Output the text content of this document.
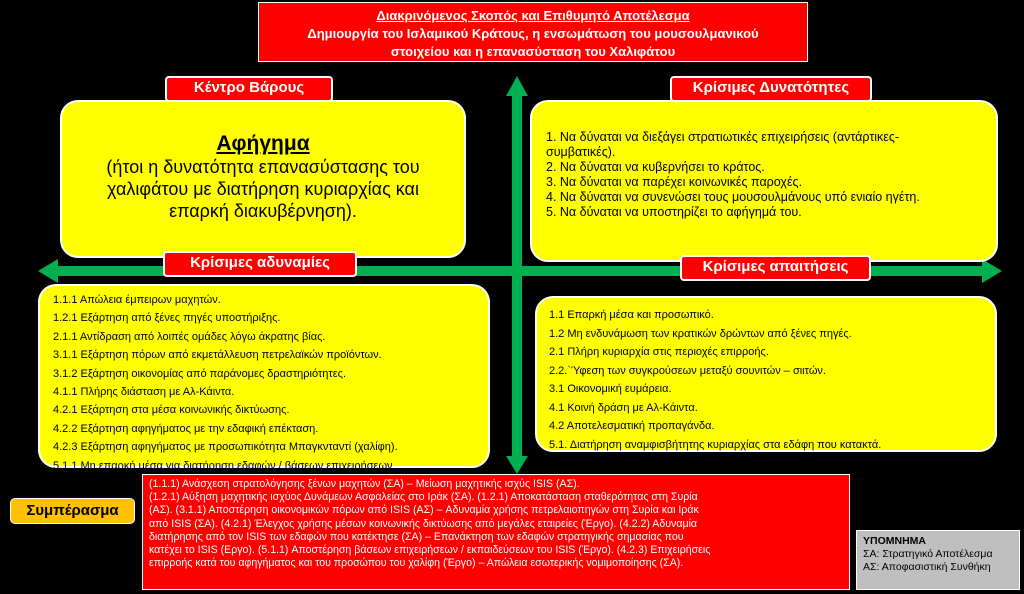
Διακρινόμενος Σκοπός και Επιθυμητό Αποτέλεσμα
Δημιουργία του Ισλαμικού Κράτους, η ενσωμάτωση του μουσουλμανικού
στοιχείου και η επανασύσταση του Χαλιφάτου
Αφήγημα
(ήτοι η δυνατότητα επανασύστασης του
χαλιφάτου με διατήρηση κυριαρχίας και
επαρκή διακυβέρνηση).
Κέντρο Βάρους
1. Να δύναται να διεξάγει στρατιωτικές επιχειρήσεις (αντάρτικες-
συμβατικές).
2. Να δύναται να κυβερνήσει το κράτος.
3. Να δύναται να παρέχει κοινωνικές παροχές.
4. Να δύναται να συνενώσει τους μουσουλμάνους υπό ενιαίο ηγέτη.
5. Να δύναται να υποστηρίζει το αφήγημά του.
Κρίσιμες Δυνατότητες
1.1.1 Απώλεια έμπειρων μαχητών.
1.2.1 Εξάρτηση από ξένες πηγές υποστήριξης.
2.1.1 Αντίδραση από λοιπές ομάδες λόγω άκρατης βίας.
3.1.1 Εξάρτηση πόρων από εκμετάλλευση πετρελαϊκών προϊόντων.
3.1.2 Εξάρτηση οικονομίας από παράνομες δραστηριότητες.
4.1.1 Πλήρης διάσταση με Αλ-Κάιντα.
4.2.1 Εξάρτηση στα μέσα κοινωνικής δικτύωσης.
4.2.2 Εξάρτηση αφηγήματος με την εδαφική επέκταση.
4.2.3 Εξάρτηση αφηγήματος με προσωπικότητα Μπαγκνταντί (χαλίφη).
5.1.1 Μη επαρκή μέσα για διατήρηση εδαφών / βάσεων επιχειρήσεων.
Κρίσιμες αδυναμίες
1.1 Επαρκή μέσα και προσωπικό.
1.2 Μη ενδυνάμωση των κρατικών δρώντων από ξένες πηγές.
2.1 Πλήρη κυριαρχία στις περιοχές επιρροής.
2.2.`Ύφεση των συγκρούσεων μεταξύ σουνιτών – σιιτών.
3.1 Οικονομική ευμάρεια.
4.1 Κοινή δράση με Αλ-Κάιντα.
4.2 Αποτελεσματική προπαγάνδα.
5.1. Διατήρηση αναμφισβήτητης κυριαρχίας στα εδάφη που κατακτά.
Κρίσιμες απαιτήσεις
Συμπέρασμα
(1.1.1) Ανάσχεση στρατολόγησης ξένων μαχητών (ΣΑ) – Μείωση μαχητικής ισχύς ISIS (ΑΣ).
(1.2.1) Αύξηση μαχητικής ισχύος Δυνάμεων Ασφαλείας στο Ιράκ (ΣΑ). (1.2.1) Αποκατάσταση σταθερότητας στη Συρία
(ΑΣ). (3.1.1) Αποστέρηση οικονομικών πόρων από ISIS (ΑΣ) – Αδυναμία χρήσης πετρελαιοπηγών στη Συρία και Ιράκ
από ISIS (ΣΑ). (4.2.1) Έλεγχος χρήσης μέσων κοινωνικής δικτύωσης από μεγάλες εταιρείες (Έργο). (4.2.2) Αδυναμία
διατήρησης από τον ISIS των εδαφών που κατέκτησε (ΣΑ) – Επανάκτηση των εδαφών στρατηγικής σημασίας που
κατέχει το ISIS (Εργο). (5.1.1) Αποστέρηση βάσεων επιχειρήσεων / εκπαιδεύσεων του ISIS (Έργο). (4.2.3) Επιχειρήσεις
επιρροής κατά του αφηγήματος και του προσώπου του χαλίφη (Έργο) – Απώλεια εσωτερικής νομιμοποίησης (ΣΑ).
ΥΠΟΜΝΗΜΑ
ΣΑ: Στρατηγικό Αποτέλεσμα
ΑΣ: Αποφασιστική Συνθήκη
